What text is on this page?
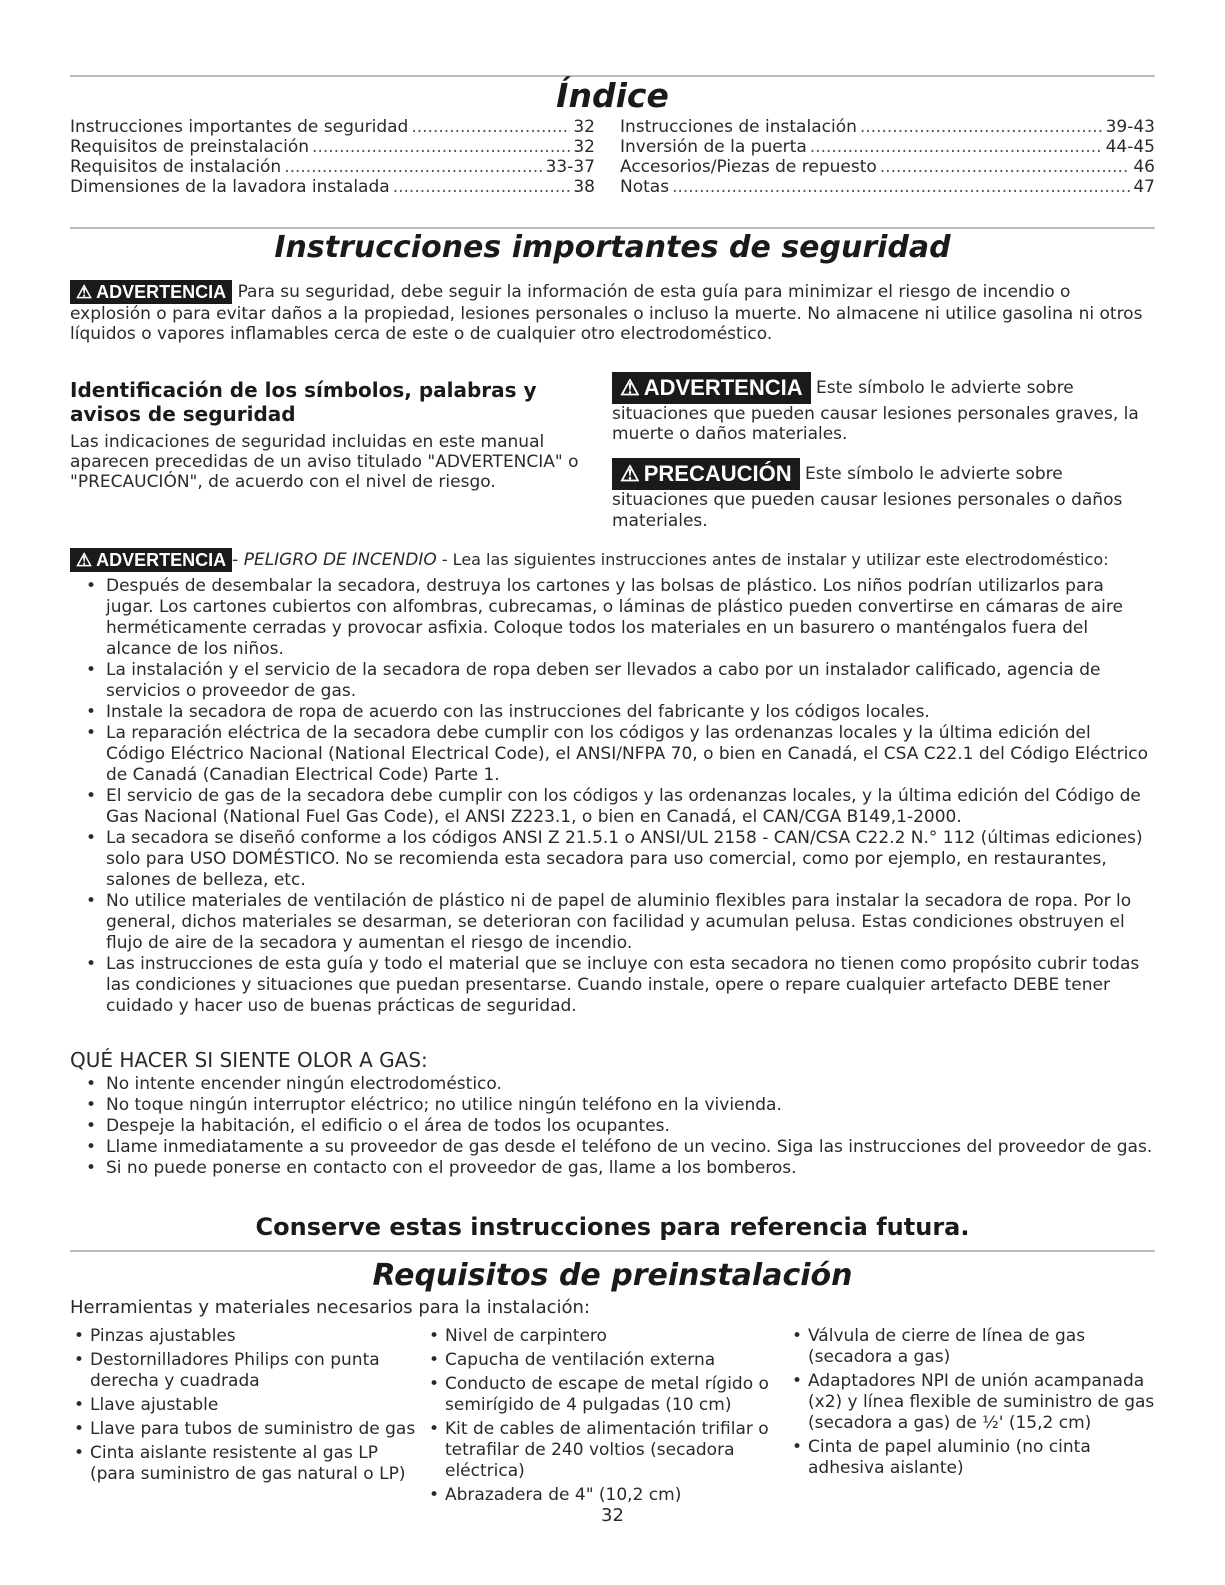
Índice
Instrucciones importantes de seguridad .....	32
Requisitos de preinstalación .....	32
Requisitos de instalación .....	33-37
Dimensiones de la lavadora instalada .....	38
Instrucciones de instalación .....	39-43
Inversión de la puerta .....	44-45
Accesorios/Piezas de repuesto .....	46
Notas .....	47
Instrucciones importantes de seguridad
⚠ ADVERTENCIA Para su seguridad, debe seguir la información de esta guía para minimizar el riesgo de incendio o explosión o para evitar daños a la propiedad, lesiones personales o incluso la muerte. No almacene ni utilice gasolina ni otros líquidos o vapores inflamables cerca de este o de cualquier otro electrodoméstico.
Identificación de los símbolos, palabras y avisos de seguridad
Las indicaciones de seguridad incluidas en este manual aparecen precedidas de un aviso titulado "ADVERTENCIA" o "PRECAUCIÓN", de acuerdo con el nivel de riesgo.
⚠ ADVERTENCIA Este símbolo le advierte sobre situaciones que pueden causar lesiones personales graves, la muerte o daños materiales.
⚠ PRECAUCIÓN Este símbolo le advierte sobre situaciones que pueden causar lesiones personales o daños materiales.
⚠ ADVERTENCIA - PELIGRO DE INCENDIO - Lea las siguientes instrucciones antes de instalar y utilizar este electrodoméstico:
• Después de desembalar la secadora, destruya los cartones y las bolsas de plástico. Los niños podrían utilizarlos para jugar. Los cartones cubiertos con alfombras, cubrecamas, o láminas de plástico pueden convertirse en cámaras de aire herméticamente cerradas y provocar asfixia. Coloque todos los materiales en un basurero o manténgalos fuera del alcance de los niños.
• La instalación y el servicio de la secadora de ropa deben ser llevados a cabo por un instalador calificado, agencia de servicios o proveedor de gas.
• Instale la secadora de ropa de acuerdo con las instrucciones del fabricante y los códigos locales.
• La reparación eléctrica de la secadora debe cumplir con los códigos y las ordenanzas locales y la última edición del Código Eléctrico Nacional (National Electrical Code), el ANSI/NFPA 70, o bien en Canadá, el CSA C22.1 del Código Eléctrico de Canadá (Canadian Electrical Code) Parte 1.
• El servicio de gas de la secadora debe cumplir con los códigos y las ordenanzas locales, y la última edición del Código de Gas Nacional (National Fuel Gas Code), el ANSI Z223.1, o bien en Canadá, el CAN/CGA B149,1-2000.
• La secadora se diseñó conforme a los códigos ANSI Z 21.5.1 o ANSI/UL 2158 - CAN/CSA C22.2 N.° 112 (últimas ediciones) solo para USO DOMÉSTICO. No se recomienda esta secadora para uso comercial, como por ejemplo, en restaurantes, salones de belleza, etc.
• No utilice materiales de ventilación de plástico ni de papel de aluminio flexibles para instalar la secadora de ropa. Por lo general, dichos materiales se desarman, se deterioran con facilidad y acumulan pelusa. Estas condiciones obstruyen el flujo de aire de la secadora y aumentan el riesgo de incendio.
• Las instrucciones de esta guía y todo el material que se incluye con esta secadora no tienen como propósito cubrir todas las condiciones y situaciones que puedan presentarse. Cuando instale, opere o repare cualquier artefacto DEBE tener cuidado y hacer uso de buenas prácticas de seguridad.
QUÉ HACER SI SIENTE OLOR A GAS:
• No intente encender ningún electrodoméstico.
• No toque ningún interruptor eléctrico; no utilice ningún teléfono en la vivienda.
• Despeje la habitación, el edificio o el área de todos los ocupantes.
• Llame inmediatamente a su proveedor de gas desde el teléfono de un vecino. Siga las instrucciones del proveedor de gas.
• Si no puede ponerse en contacto con el proveedor de gas, llame a los bomberos.
Conserve estas instrucciones para referencia futura.
Requisitos de preinstalación
Herramientas y materiales necesarios para la instalación:
• Pinzas ajustables
• Destornilladores Philips con punta derecha y cuadrada
• Llave ajustable
• Llave para tubos de suministro de gas
• Cinta aislante resistente al gas LP (para suministro de gas natural o LP)
• Nivel de carpintero
• Capucha de ventilación externa
• Conducto de escape de metal rígido o semirígido de 4 pulgadas (10 cm)
• Kit de cables de alimentación trifilar o tetrafilar de 240 voltios (secadora eléctrica)
• Abrazadera de 4" (10,2 cm)
• Válvula de cierre de línea de gas (secadora a gas)
• Adaptadores NPI de unión acampanada (x2) y línea flexible de suministro de gas (secadora a gas) de ½' (15,2 cm)
• Cinta de papel aluminio (no cinta adhesiva aislante)
32
